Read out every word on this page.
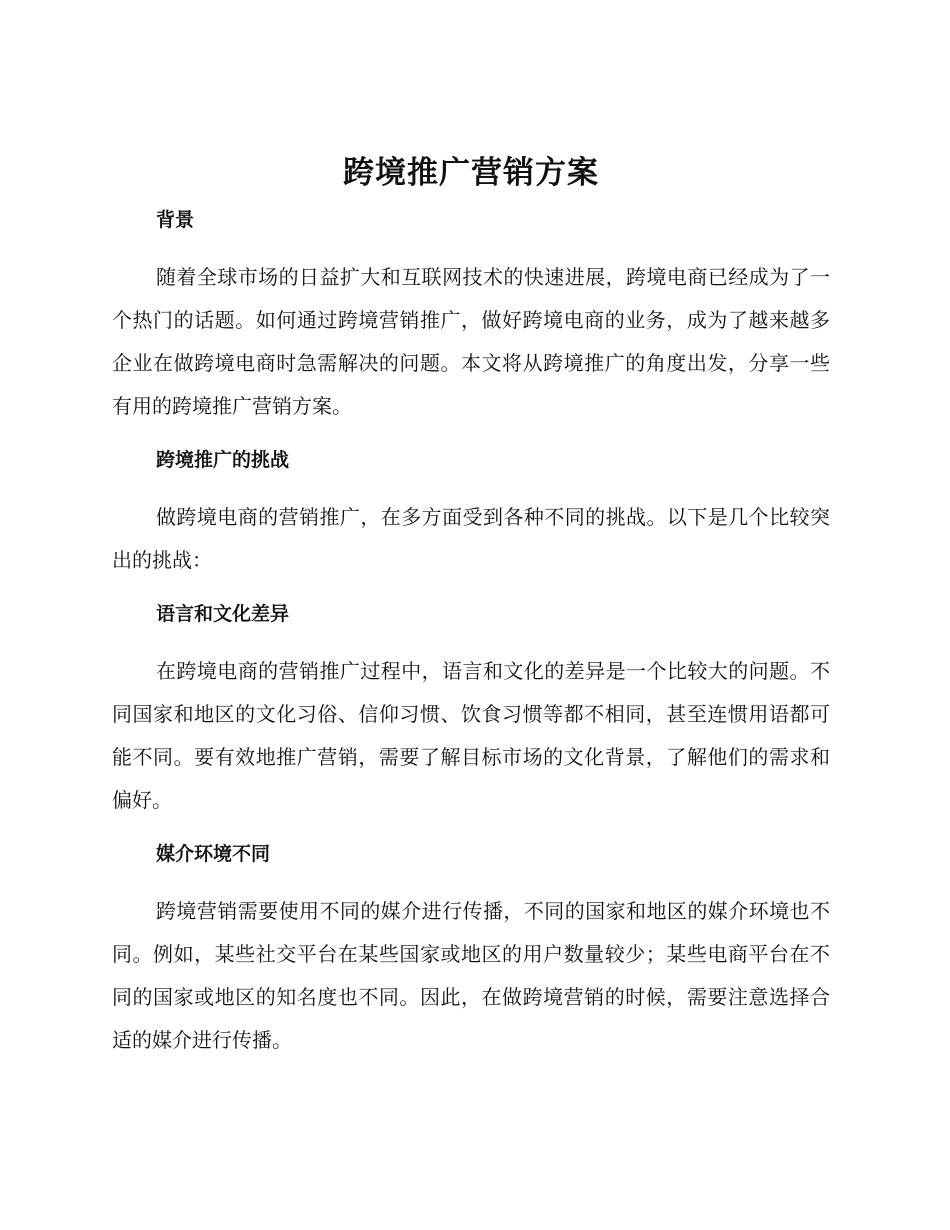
跨境推广营销方案
背景

随着全球市场的日益扩大和互联网技术的快速进展，跨境电商已经成为了一个热门的话题。如何通过跨境营销推广，做好跨境电商的业务，成为了越来越多企业在做跨境电商时急需解决的问题。本文将从跨境推广的角度出发，分享一些有用的跨境推广营销方案。

跨境推广的挑战

做跨境电商的营销推广，在多方面受到各种不同的挑战。以下是几个比较突出的挑战：

语言和文化差异

在跨境电商的营销推广过程中，语言和文化的差异是一个比较大的问题。不同国家和地区的文化习俗、信仰习惯、饮食习惯等都不相同，甚至连惯用语都可能不同。要有效地推广营销，需要了解目标市场的文化背景，了解他们的需求和偏好。

媒介环境不同

跨境营销需要使用不同的媒介进行传播，不同的国家和地区的媒介环境也不同。例如，某些社交平台在某些国家或地区的用户数量较少；某些电商平台在不同的国家或地区的知名度也不同。因此，在做跨境营销的时候，需要注意选择合适的媒介进行传播。
